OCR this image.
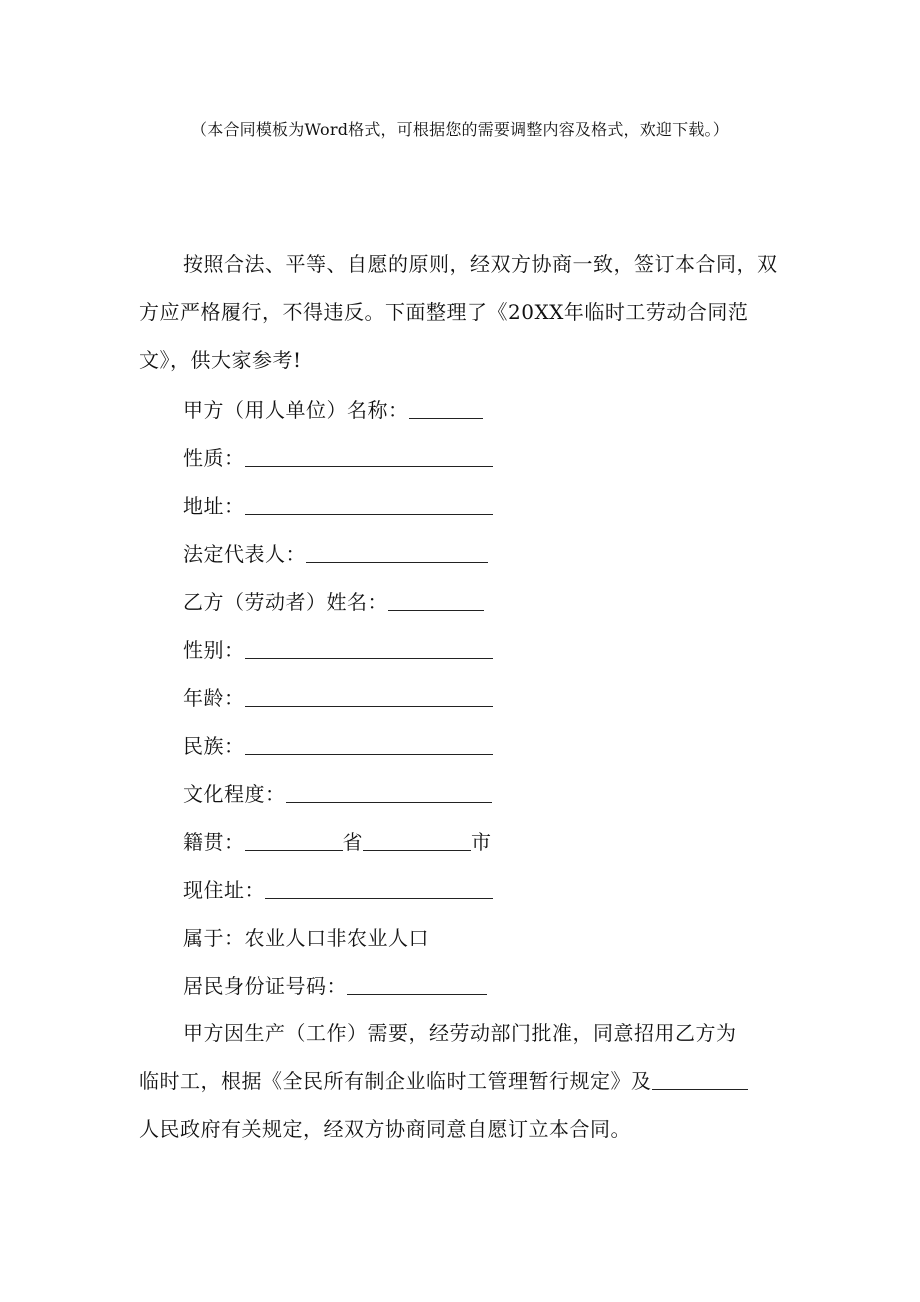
（本合同模板为Word格式，可根据您的需要调整内容及格式，欢迎下载。）
按照合法、平等、自愿的原则，经双方协商一致，签订本合同，双
方应严格履行，不得违反。下面整理了《20XX年临时工劳动合同范
文》，供大家参考!
甲方（用人单位）名称：
性质：
地址：
法定代表人：
乙方（劳动者）姓名：
性别：
年龄：
民族：
文化程度：
籍贯：	省	市
现住址：
属于：农业人口非农业人口
居民身份证号码：
甲方因生产（工作）需要，经劳动部门批准，同意招用乙方为
临时工，根据《全民所有制企业临时工管理暂行规定》及
人民政府有关规定，经双方协商同意自愿订立本合同。
